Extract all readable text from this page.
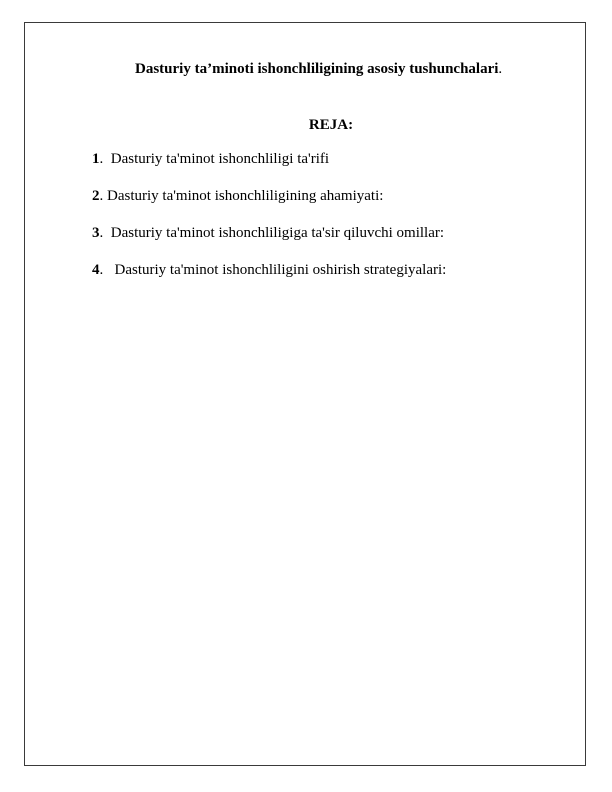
Dasturiy ta’minoti ishonchliligining asosiy tushunchalari.
REJA:
1.  Dasturiy ta'minot ishonchliligi ta'rifi
2. Dasturiy ta'minot ishonchliligining ahamiyati:
3.  Dasturiy ta'minot ishonchliligiga ta'sir qiluvchi omillar:
4.   Dasturiy ta'minot ishonchliligini oshirish strategiyalari:
